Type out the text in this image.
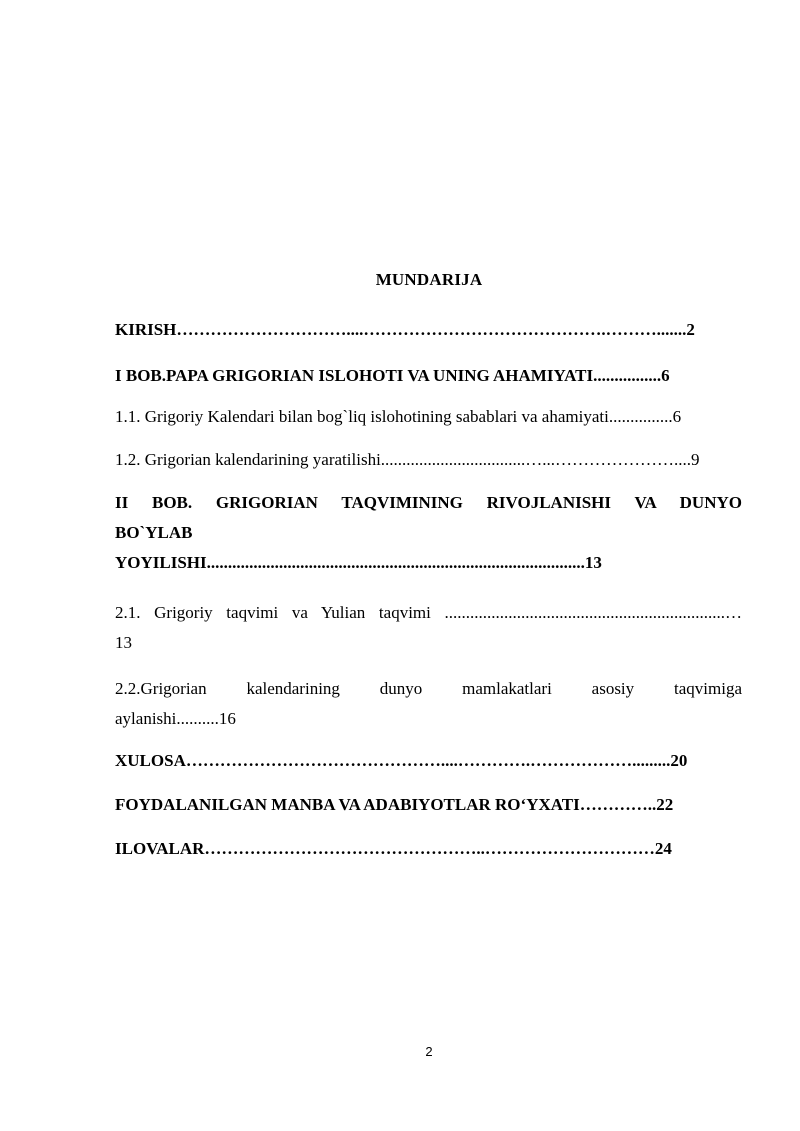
MUNDARIJA
KIRISH…………………………....…………………………………….……….......2
I BOB.PAPA GRIGORIAN ISLOHOTI VA UNING AHAMIYATI................6
1.1. Grigoriy Kalendari bilan bog`liq islohotining sabablari va ahamiyati...............6
1.2. Grigorian kalendarining yaratilishi..................................…...…………………....9
II BOB. GRIGORIAN TAQVIMINING RIVOJLANISHI VA DUNYO
BO`YLAB
YOYILISHI.........................................................................................13
2.1. Grigoriy taqvimi va Yulian taqvimi ..................................................................…
13
2.2.Grigorian kalendarining dunyo mamlakatlari asosiy taqvimiga
aylanishi..........16
XULOSA………………………………………....………….……………….........20
FOYDALANILGAN MANBA VA ADABIYOTLAR RO‘YXATI…………..22
ILOVALAR…………………………………………..…………………………24
2
